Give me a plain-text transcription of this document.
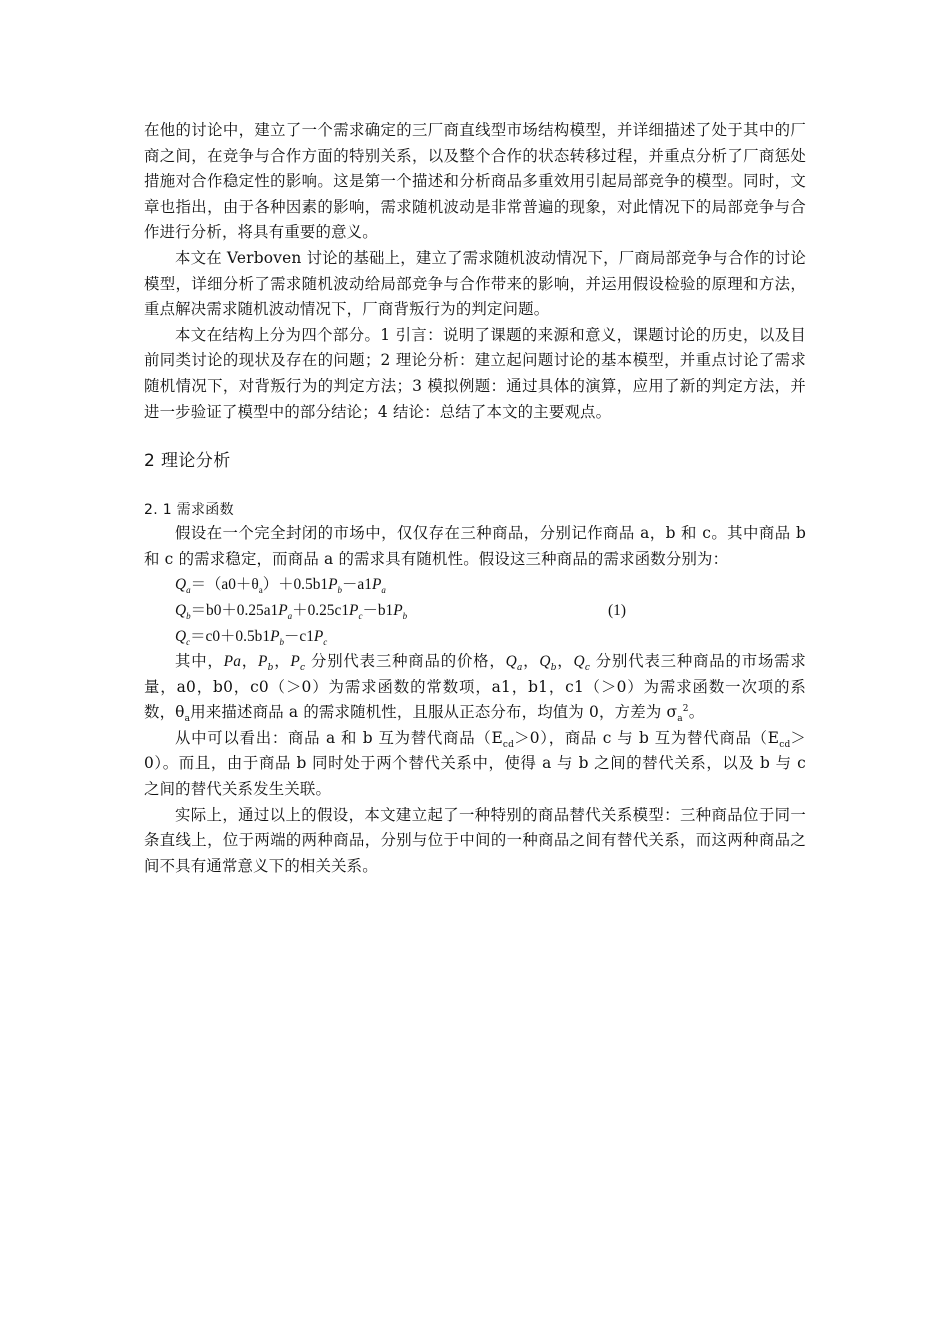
在他的讨论中，建立了一个需求确定的三厂商直线型市场结构模型，并详细描述了处于其中的厂商之间，在竞争与合作方面的特别关系，以及整个合作的状态转移过程，并重点分析了厂商惩处措施对合作稳定性的影响。这是第一个描述和分析商品多重效用引起局部竞争的模型。同时，文章也指出，由于各种因素的影响，需求随机波动是非常普遍的现象，对此情况下的局部竞争与合作进行分析，将具有重要的意义。

本文在 Verboven 讨论的基础上，建立了需求随机波动情况下，厂商局部竞争与合作的讨论模型，详细分析了需求随机波动给局部竞争与合作带来的影响，并运用假设检验的原理和方法，重点解决需求随机波动情况下，厂商背叛行为的判定问题。

本文在结构上分为四个部分。1 引言：说明了课题的来源和意义，课题讨论的历史，以及目前同类讨论的现状及存在的问题；2 理论分析：建立起问题讨论的基本模型，并重点讨论了需求随机情况下，对背叛行为的判定方法；3 模拟例题：通过具体的演算，应用了新的判定方法，并进一步验证了模型中的部分结论；4 结论：总结了本文的主要观点。

2 理论分析
2. 1 需求函数

假设在一个完全封闭的市场中，仅仅存在三种商品，分别记作商品 a，b 和 c。其中商品 b 和 c 的需求稳定，而商品 a 的需求具有随机性。假设这三种商品的需求函数分别为：

$Q_a=(a0+\theta_a)+0.5b1P_b-a1P_a$
$Q_b=b0+0.25a1P_a+0.25c1P_c-b1P_b$	(1)
$Q_c=c0+0.5b1P_b-c1P_c$

其中，Pa，$P_b$，$P_c$ 分别代表三种商品的价格，$Q_a$，$Q_b$，$Q_c$ 分别代表三种商品的市场需求量，a0，b0，c0（＞0）为需求函数的常数项，a1，b1，c1（＞0）为需求函数一次项的系数，$\theta_a$用来描述商品 a 的需求随机性，且服从正态分布，均值为 0，方差为 $\sigma_a^2$。

从中可以看出：商品 a 和 b 互为替代商品$(E_{cd}>0)$，商品 c 与 b 互为替代商品$(E_{cd}>0)$。而且，由于商品 b 同时处于两个替代关系中，使得 a 与 b 之间的替代关系，以及 b 与 c 之间的替代关系发生关联。

实际上，通过以上的假设，本文建立起了一种特别的商品替代关系模型：三种商品位于同一条直线上，位于两端的两种商品，分别与位于中间的一种商品之间有替代关系，而这两种商品之间不具有通常意义下的相关关系。
